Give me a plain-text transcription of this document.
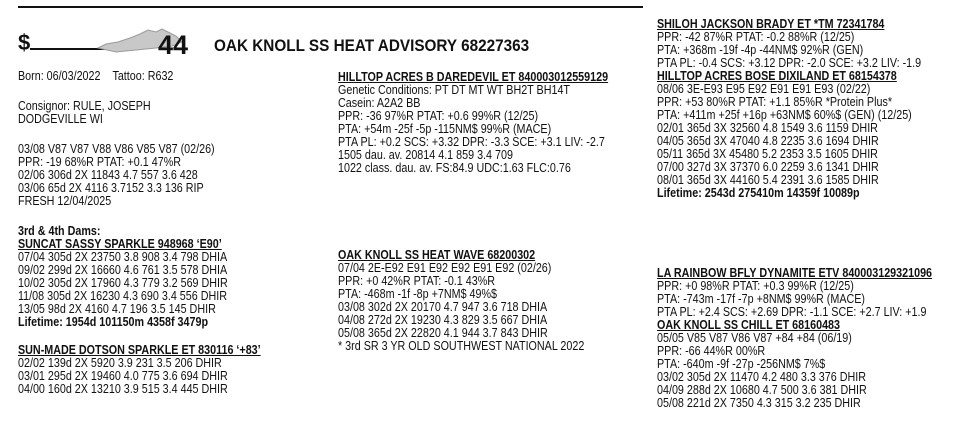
$	44 OAK KNOLL SS HEAT ADVISORY 68227363
Born: 06/03/2022 Tattoo: R632
Consignor: RULE, JOSEPH
DODGEVILLE WI
03/08 V87 V87 V88 V86 V85 V87 (02/26)
PPR: -19 68%R PTAT: +0.1 47%R
02/06 306d 2X 11843 4.7 557 3.6 428
03/06 65d 2X 4116 3.7152 3.3 136 RIP
FRESH 12/04/2025
3rd & 4th Dams:
SUNCAT SASSY SPARKLE 948968 ‘E90’
07/04 305d 2X 23750 3.8 908 3.4 798 DHIA
09/02 299d 2X 16660 4.6 761 3.5 578 DHIA
10/02 305d 2X 17960 4.3 779 3.2 569 DHIR
11/08 305d 2X 16230 4.3 690 3.4 556 DHIR
13/05 98d 2X 4160 4.7 196 3.5 145 DHIR
Lifetime: 1954d 101150m 4358f 3479p
SUN-MADE DOTSON SPARKLE ET 830116 ‘+83’
02/02 139d 2X 5920 3.9 231 3.5 206 DHIR
03/01 295d 2X 19460 4.0 775 3.6 694 DHIR
04/00 160d 2X 13210 3.9 515 3.4 445 DHIR
HILLTOP ACRES B DAREDEVIL ET 840003012559129
Genetic Conditions: PT DT MT WT BH2T BH14T
Casein: A2A2 BB
PPR: -36 97%R PTAT: +0.6 99%R (12/25)
PTA: +54m -25f -5p -115NM$ 99%R (MACE)
PTA PL: +0.2 SCS: +3.32 DPR: -3.3 SCE: +3.1 LIV: -2.7
1505 dau. av. 20814 4.1 859 3.4 709
1022 class. dau. av. FS:84.9 UDC:1.63 FLC:0.76
OAK KNOLL SS HEAT WAVE 68200302
07/04 2E-E92 E91 E92 E92 E91 E92 (02/26)
PPR: +0 42%R PTAT: -0.1 43%R
PTA: -468m -1f -8p +7NM$ 49%$
03/08 302d 2X 20170 4.7 947 3.6 718 DHIA
04/08 272d 2X 19230 4.3 829 3.5 667 DHIA
05/08 365d 2X 22820 4.1 944 3.7 843 DHIR
* 3rd SR 3 YR OLD SOUTHWEST NATIONAL 2022
SHILOH JACKSON BRADY ET *TM 72341784
PPR: -42 87%R PTAT: -0.2 88%R (12/25)
PTA: +368m -19f -4p -44NM$ 92%R (GEN)
PTA PL: -0.4 SCS: +3.12 DPR: -2.0 SCE: +3.2 LIV: -1.9
HILLTOP ACRES BOSE DIXILAND ET 68154378
08/06 3E-E93 E95 E92 E91 E91 E93 (02/22)
PPR: +53 80%R PTAT: +1.1 85%R *Protein Plus*
PTA: +411m +25f +16p +63NM$ 60%$ (GEN) (12/25)
02/01 365d 3X 32560 4.8 1549 3.6 1159 DHIR
04/05 365d 3X 47040 4.8 2235 3.6 1694 DHIR
05/11 365d 3X 45480 5.2 2353 3.5 1605 DHIR
07/00 327d 3X 37370 6.0 2259 3.6 1341 DHIR
08/01 365d 3X 44160 5.4 2391 3.6 1585 DHIR
Lifetime: 2543d 275410m 14359f 10089p
LA RAINBOW BFLY DYNAMITE ETV 840003129321096
PPR: +0 98%R PTAT: +0.3 99%R (12/25)
PTA: -743m -17f -7p +8NM$ 99%R (MACE)
PTA PL: +2.4 SCS: +2.69 DPR: -1.1 SCE: +2.7 LIV: +1.9
OAK KNOLL SS CHILL ET 68160483
05/05 V85 V87 V86 V87 +84 +84 (06/19)
PPR: -66 44%R 00%R
PTA: -640m -9f -27p -256NM$ 7%$
03/02 305d 2X 11470 4.2 480 3.3 376 DHIR
04/09 288d 2X 10680 4.7 500 3.6 381 DHIR
05/08 221d 2X 7350 4.3 315 3.2 235 DHIR
